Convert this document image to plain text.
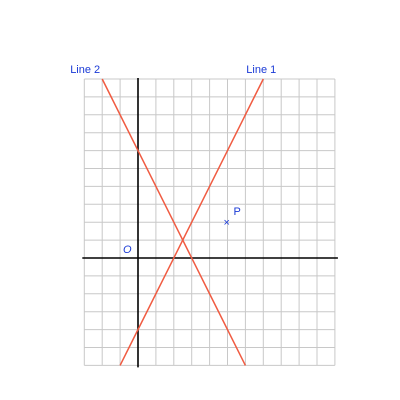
O
Line 2	Line 1
×
P
